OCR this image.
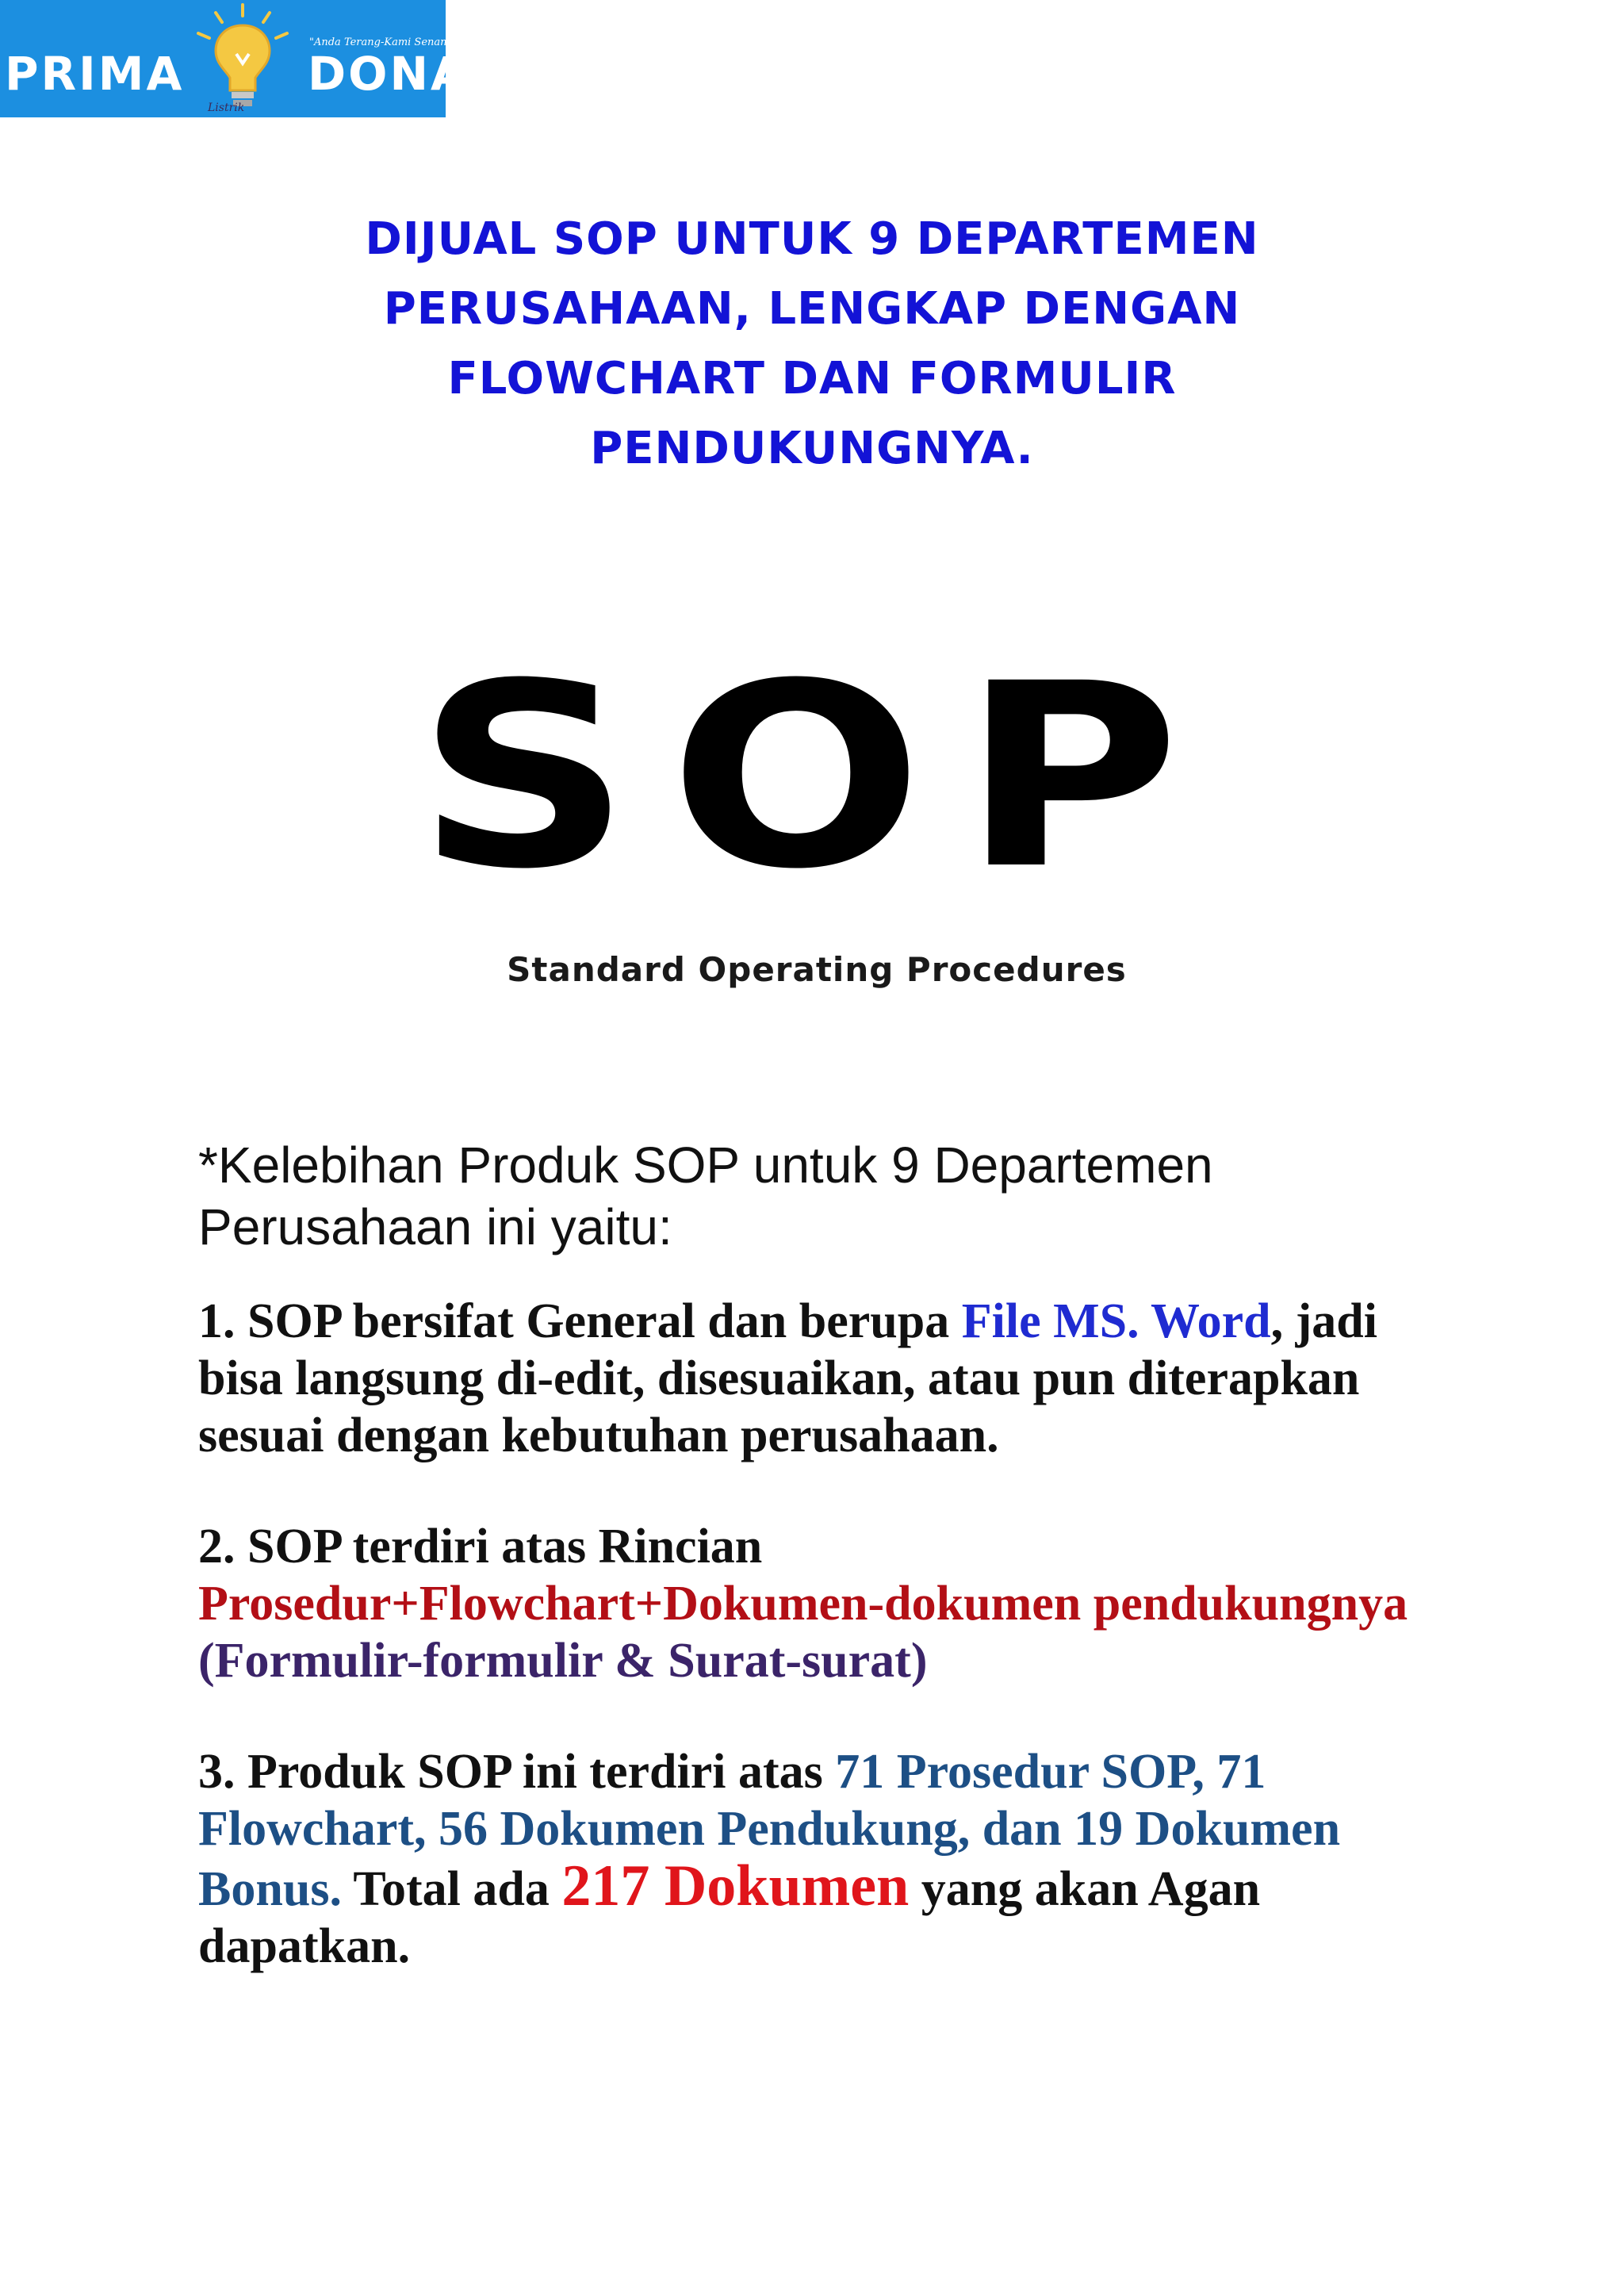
PRIMA
"Anda Terang-Kami Senang"
DONA
Listrik
DIJUAL SOP UNTUK 9 DEPARTEMEN PERUSAHAAN, LENGKAP DENGAN FLOWCHART DAN FORMULIR PENDUKUNGNYA.
SOP
Standard Operating Procedures
*Kelebihan Produk SOP untuk 9 Departemen Perusahaan ini yaitu:

1. SOP bersifat General dan berupa File MS. Word, jadi bisa langsung di-edit, disesuaikan, atau pun diterapkan sesuai dengan kebutuhan perusahaan.

2. SOP terdiri atas Rincian Prosedur+Flowchart+Dokumen-dokumen pendukungnya (Formulir-formulir & Surat-surat)

3. Produk SOP ini terdiri atas 71 Prosedur SOP, 71 Flowchart, 56 Dokumen Pendukung, dan 19 Dokumen Bonus. Total ada 217 Dokumen yang akan Agan dapatkan.
